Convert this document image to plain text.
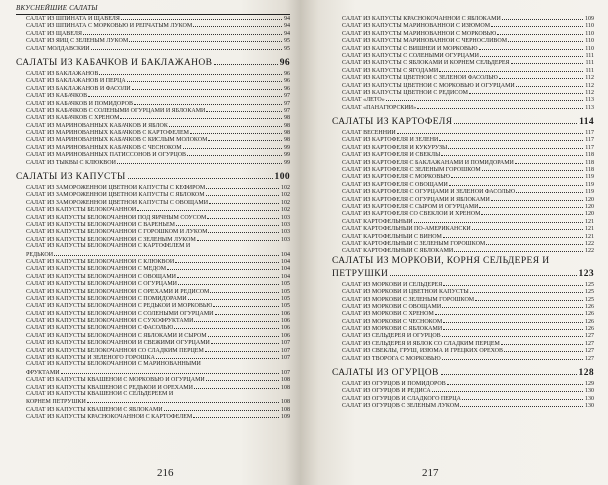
ВКУСНЕЙШИЕ САЛАТЫ
САЛАТ ИЗ ШПИНАТА И ЩАВЕЛЯ	94
САЛАТ ИЗ ШПИНАТА С МОРКОВЬЮ И РЕПЧАТЫМ ЛУКОМ	94
САЛАТ ИЗ ЩАВЕЛЯ	94
САЛАТ ИЗ ЯИЦ С ЗЕЛЕНЫМ ЛУКОМ	95
САЛАТ МОЛДАВСКИЙ	95
САЛАТЫ ИЗ КАБАЧКОВ И БАКЛАЖАНОВ	96
САЛАТ ИЗ БАКЛАЖАНОВ	96
САЛАТ ИЗ БАКЛАЖАНОВ И ПЕРЦА	96
САЛАТ ИЗ БАКЛАЖАНОВ И ФАСОЛИ	96
САЛАТ ИЗ КАБАЧКОВ	97
САЛАТ ИЗ КАБАЧКОВ И ПОМИДОРОВ	97
САЛАТ ИЗ КАБАЧКОВ С СОЛЕНЫМИ ОГУРЦАМИ И ЯБЛОКАМИ	97
САЛАТ ИЗ КАБАЧКОВ С ХРЕНОМ	98
САЛАТ ИЗ МАРИНОВАННЫХ КАБАЧКОВ И ЯБЛОК	98
САЛАТ ИЗ МАРИНОВАННЫХ КАБАЧКОВ С КАРТОФЕЛЕМ	98
САЛАТ ИЗ МАРИНОВАННЫХ КАБАЧКОВ С КИСЛЫМ МОЛОКОМ	98
САЛАТ ИЗ МАРИНОВАННЫХ КАБАЧКОВ С ЧЕСНОКОМ	99
САЛАТ ИЗ МАРИНОВАННЫХ ПАТИССОНОВ И ОГУРЦОВ	99
САЛАТ ИЗ ТЫКВЫ С КЛЮКВОЙ	99
САЛАТЫ ИЗ КАПУСТЫ	100
САЛАТ ИЗ ЗАМОРОЖЕННОЙ ЦВЕТНОЙ КАПУСТЫ С КЕФИРОМ	102
САЛАТ ИЗ ЗАМОРОЖЕННОЙ ЦВЕТНОЙ КАПУСТЫ С ЯБЛОКОМ	102
САЛАТ ИЗ ЗАМОРОЖЕННОЙ ЦВЕТНОЙ КАПУСТЫ С ОВОЩАМИ	102
САЛАТ ИЗ КАПУСТЫ БЕЛОКОЧАННОЙ	102
САЛАТ ИЗ КАПУСТЫ БЕЛОКОЧАННОЙ ПОД ЯИЧНЫМ СОУСОМ	103
САЛАТ ИЗ КАПУСТЫ БЕЛОКОЧАННОЙ С ВАРЕНЬЕМ	103
САЛАТ ИЗ КАПУСТЫ БЕЛОКОЧАННОЙ С ГОРОШКОМ И ЛУКОМ	103
САЛАТ ИЗ КАПУСТЫ БЕЛОКОЧАННОЙ С ЗЕЛЕНЫМ ЛУКОМ	103
САЛАТ ИЗ КАПУСТЫ БЕЛОКОЧАННОЙ С КАРТОФЕЛЕМ И
РЕДЬКОЙ	104
САЛАТ ИЗ КАПУСТЫ БЕЛОКОЧАННОЙ С КЛЮКВОЙ	104
САЛАТ ИЗ КАПУСТЫ БЕЛОКОЧАННОЙ С МЕДОМ	104
САЛАТ ИЗ КАПУСТЫ БЕЛОКОЧАННОЙ С ОВОЩАМИ	104
САЛАТ ИЗ КАПУСТЫ БЕЛОКОЧАННОЙ С ОГУРЦАМИ	105
САЛАТ ИЗ КАПУСТЫ БЕЛОКОЧАННОЙ С ОРЕХАМИ И РЕДИСОМ	105
САЛАТ ИЗ КАПУСТЫ БЕЛОКОЧАННОЙ С ПОМИДОРАМИ	105
САЛАТ ИЗ КАПУСТЫ БЕЛОКОЧАННОЙ С РЕДЬКОЙ И МОРКОВЬЮ	105
САЛАТ ИЗ КАПУСТЫ БЕЛОКОЧАННОЙ С СОЛЕНЫМИ ОГУРЦАМИ	106
САЛАТ ИЗ КАПУСТЫ БЕЛОКОЧАННОЙ С СУХОФРУКТАМИ	106
САЛАТ ИЗ КАПУСТЫ БЕЛОКОЧАННОЙ С ФАСОЛЬЮ	106
САЛАТ ИЗ КАПУСТЫ БЕЛОКОЧАННОЙ С ЯБЛОКАМИ И СЫРОМ	106
САЛАТ ИЗ КАПУСТЫ БЕЛОКОЧАННОЙ И СВЕЖИМИ ОГУРЦАМИ	107
САЛАТ ИЗ КАПУСТЫ БЕЛОКОЧАННОЙ СО СЛАДКИМ ПЕРЦЕМ	107
САЛАТ ИЗ КАПУСТЫ И ЗЕЛЕНОГО ГОРОШКА	107
САЛАТ ИЗ КАПУСТЫ БЕЛОКОЧАННОЙ С МАРИНОВАННЫМИ
ФРУКТАМИ	107
САЛАТ ИЗ КАПУСТЫ КВАШЕНОЙ С МОРКОВЬЮ И ОГУРЦАМИ	108
САЛАТ ИЗ КАПУСТЫ КВАШЕНОЙ С РЕДЬКОЙ И ОРЕХАМИ	108
САЛАТ ИЗ КАПУСТЫ КВАШЕНОЙ С СЕЛЬДЕРЕЕМ И
КОРНЕМ ПЕТРУШКИ	108
САЛАТ ИЗ КАПУСТЫ КВАШЕНОЙ С ЯБЛОКАМИ	108
САЛАТ ИЗ КАПУСТЫ КРАСНОКОЧАННОЙ С КАРТОФЕЛЕМ	109
216
САЛАТ ИЗ КАПУСТЫ КРАСНОКОЧАННОЙ С ЯБЛОКАМИ	109
САЛАТ ИЗ КАПУСТЫ МАРИНОВАННОЙ С ИЗЮМОМ	110
САЛАТ ИЗ КАПУСТЫ МАРИНОВАННОЙ С МОРКОВЬЮ	110
САЛАТ ИЗ КАПУСТЫ МАРИНОВАННОЙ С ЧЕРНОСЛИВОМ	110
САЛАТ ИЗ КАПУСТЫ С ВИШНЕЙ И МОРКОВЬЮ	110
САЛАТ ИЗ КАПУСТЫ С СОЛЕНЫМИ ОГУРЦАМИ	111
САЛАТ ИЗ КАПУСТЫ С ЯБЛОКАМИ И КОРНЕМ СЕЛЬДЕРЕЯ	111
САЛАТ ИЗ КАПУСТЫ С ЯГОДАМИ	111
САЛАТ ИЗ КАПУСТЫ ЦВЕТНОЙ С ЗЕЛЕНОЙ ФАСОЛЬЮ	112
САЛАТ ИЗ КАПУСТЫ ЦВЕТНОЙ С МОРКОВЬЮ И ОГУРЦАМИ	112
САЛАТ ИЗ КАПУСТЫ ЦВЕТНОЙ С РЕДИСОМ	112
САЛАТ «ЛЕТО»	113
САЛАТ «ПАНАГЮРСКИЙ»	113
САЛАТЫ ИЗ КАРТОФЕЛЯ	114
САЛАТ ВЕСЕННИЙ	117
САЛАТ ИЗ КАРТОФЕЛЯ И ЗЕЛЕНИ	117
САЛАТ ИЗ КАРТОФЕЛЯ И КУКУРУЗЫ	117
САЛАТ ИЗ КАРТОФЕЛЯ И СВЕКЛЫ	118
САЛАТ ИЗ КАРТОФЕЛЯ С БАКЛАЖАНАМИ И ПОМИДОРАМИ	118
САЛАТ ИЗ КАРТОФЕЛЯ С ЗЕЛЕНЫМ ГОРОШКОМ	118
САЛАТ ИЗ КАРТОФЕЛЯ С МОРКОВЬЮ	119
САЛАТ ИЗ КАРТОФЕЛЯ С ОВОЩАМИ	119
САЛАТ ИЗ КАРТОФЕЛЯ С ОГУРЦАМИ И ЗЕЛЕНОЙ ФАСОЛЬЮ	119
САЛАТ ИЗ КАРТОФЕЛЯ С ОГУРЦАМИ И ЯБЛОКАМИ	120
САЛАТ ИЗ КАРТОФЕЛЯ С СЫРОМ И ОГУРЦАМИ	120
САЛАТ ИЗ КАРТОФЕЛЯ СО СВЕКЛОЙ И ХРЕНОМ	120
САЛАТ КАРТОФЕЛЬНЫЙ	121
САЛАТ КАРТОФЕЛЬНЫЙ ПО-АМЕРИКАНСКИ	121
САЛАТ КАРТОФЕЛЬНЫЙ С ВИНОМ	121
САЛАТ КАРТОФЕЛЬНЫЙ С ЗЕЛЕНЫМ ГОРОШКОМ	122
САЛАТ КАРТОФЕЛЬНЫЙ С ЯБЛОКАМИ	122
САЛАТЫ ИЗ МОРКОВИ, КОРНЯ СЕЛЬДЕРЕЯ И
ПЕТРУШКИ	123
САЛАТ ИЗ МОРКОВИ И СЕЛЬДЕРЕЯ	125
САЛАТ ИЗ МОРКОВИ И ЦВЕТНОЙ КАПУСТЫ	125
САЛАТ ИЗ МОРКОВИ С ЗЕЛЕНЫМ ГОРОШКОМ	125
САЛАТ ИЗ МОРКОВИ С ОВОЩАМИ	126
САЛАТ ИЗ МОРКОВИ С ХРЕНОМ	126
САЛАТ ИЗ МОРКОВИ С ЧЕСНОКОМ	126
САЛАТ ИЗ МОРКОВИ С ЯБЛОКАМИ	126
САЛАТ ИЗ СЕЛЬДЕРЕЯ И ОГУРЦОВ	127
САЛАТ ИЗ СЕЛЬДЕРЕЯ И ЯБЛОК СО СЛАДКИМ ПЕРЦЕМ	127
САЛАТ ИЗ СВЕКЛЫ, ГРУШ, ИЗЮМА И ГРЕЦКИХ ОРЕХОВ	127
САЛАТ ИЗ ТВОРОГА С МОРКОВЬЮ	127
САЛАТЫ ИЗ ОГУРЦОВ	128
САЛАТ ИЗ ОГУРЦОВ И ПОМИДОРОВ	129
САЛАТ ИЗ ОГУРЦОВ И РЕДИСА	130
САЛАТ ИЗ ОГУРЦОВ И СЛАДКОГО ПЕРЦА	130
САЛАТ ИЗ ОГУРЦОВ С ЗЕЛЕНЫМ ЛУКОМ	130
217
